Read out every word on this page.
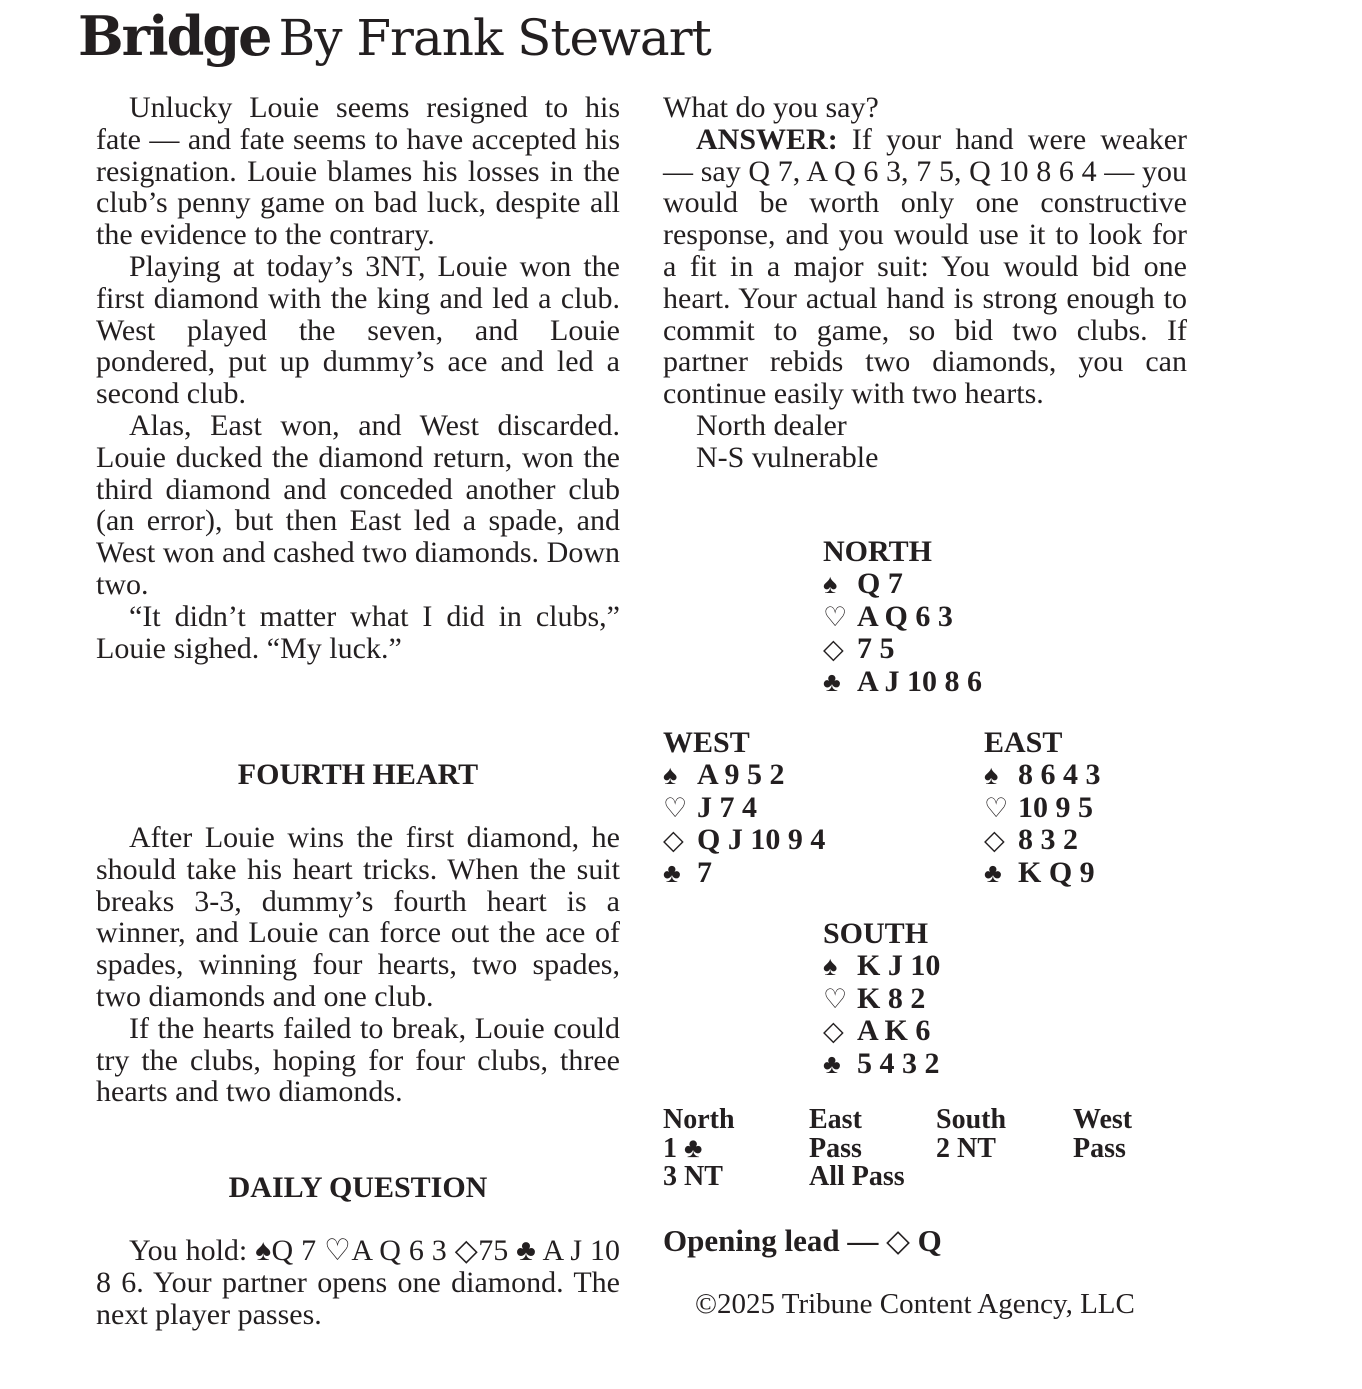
Bridge By Frank Stewart

Unlucky Louie seems resigned to his fate — and fate seems to have accepted his resignation. Louie blames his losses in the club’s penny game on bad luck, despite all the evidence to the contrary.

Playing at today’s 3NT, Louie won the first diamond with the king and led a club. West played the seven, and Louie pondered, put up dummy’s ace and led a second club.

Alas, East won, and West discarded. Louie ducked the diamond return, won the third diamond and conceded another club (an error), but then East led a spade, and West won and cashed two diamonds. Down two.

“It didn’t matter what I did in clubs,” Louie sighed. “My luck.”

FOURTH HEART

After Louie wins the first diamond, he should take his heart tricks. When the suit breaks 3-3, dummy’s fourth heart is a winner, and Louie can force out the ace of spades, winning four hearts, two spades, two diamonds and one club.

If the hearts failed to break, Louie could try the clubs, hoping for four clubs, three hearts and two diamonds.

DAILY QUESTION

You hold: ♠Q 7 ♡A Q 6 3 ◇75 ♣ A J 10 8 6. Your partner opens one diamond. The next player passes.

What do you say?

ANSWER: If your hand were weaker — say Q 7, A Q 6 3, 7 5, Q 10 8 6 4 — you would be worth only one constructive response, and you would use it to look for a fit in a major suit: You would bid one heart. Your actual hand is strong enough to commit to game, so bid two clubs. If partner rebids two diamonds, you can continue easily with two hearts.

North dealer

N-S vulnerable

NORTH
♠ Q 7
♡ A Q 6 3
◇ 7 5
♣ A J 10 8 6
WEST
♠ A 9 5 2
♡ J 7 4
◇ Q J 10 9 4
♣ 7
EAST
♠ 8 6 4 3
♡ 10 9 5
◇ 8 3 2
♣ K Q 9
SOUTH
♠ K J 10
♡ K 8 2
◇ A K 6
♣ 5 4 3 2
North	East	South West
1 ♣	Pass	2 NT	Pass
3 NT	All Pass
Opening lead — ◇ Q
©2025 Tribune Content Agency, LLC
